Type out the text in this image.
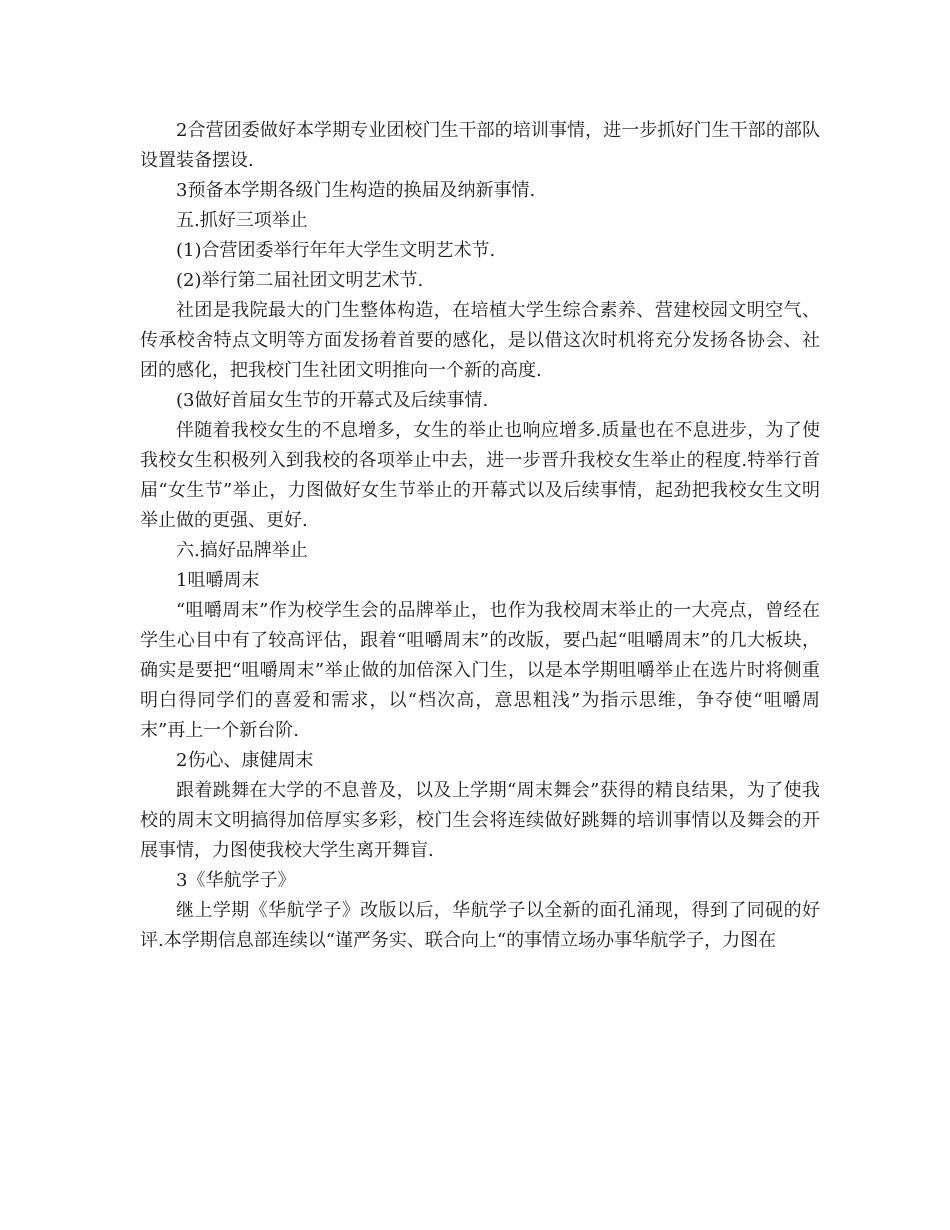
2合营团委做好本学期专业团校门生干部的培训事情，进一步抓好门生干部的部队设置装备摆设.

3预备本学期各级门生构造的换届及纳新事情.

五.抓好三项举止

(1)合营团委举行年年大学生文明艺术节.

(2)举行第二届社团文明艺术节.

社团是我院最大的门生整体构造，在培植大学生综合素养、营建校园文明空气、传承校舍特点文明等方面发扬着首要的感化，是以借这次时机将充分发扬各协会、社团的感化，把我校门生社团文明推向一个新的高度.

(3做好首届女生节的开幕式及后续事情.

伴随着我校女生的不息增多，女生的举止也响应增多.质量也在不息进步，为了使我校女生积极列入到我校的各项举止中去，进一步晋升我校女生举止的程度.特举行首届“女生节”举止，力图做好女生节举止的开幕式以及后续事情，起劲把我校女生文明举止做的更强、更好.

六.搞好品牌举止

1咀嚼周末

“咀嚼周末”作为校学生会的品牌举止，也作为我校周末举止的一大亮点，曾经在学生心目中有了较高评估，跟着“咀嚼周末”的改版，要凸起“咀嚼周末”的几大板块，确实是要把“咀嚼周末”举止做的加倍深入门生，以是本学期咀嚼举止在选片时将侧重明白得同学们的喜爱和需求，以“档次高，意思粗浅”为指示思维，争夺使“咀嚼周末”再上一个新台阶.

2伤心、康健周末

跟着跳舞在大学的不息普及，以及上学期“周末舞会”获得的精良结果，为了使我校的周末文明搞得加倍厚实多彩，校门生会将连续做好跳舞的培训事情以及舞会的开展事情，力图使我校大学生离开舞盲.

3《华航学子》

继上学期《华航学子》改版以后，华航学子以全新的面孔涌现，得到了同砚的好评.本学期信息部连续以“谨严务实、联合向上“的事情立场办事华航学子，力图在
